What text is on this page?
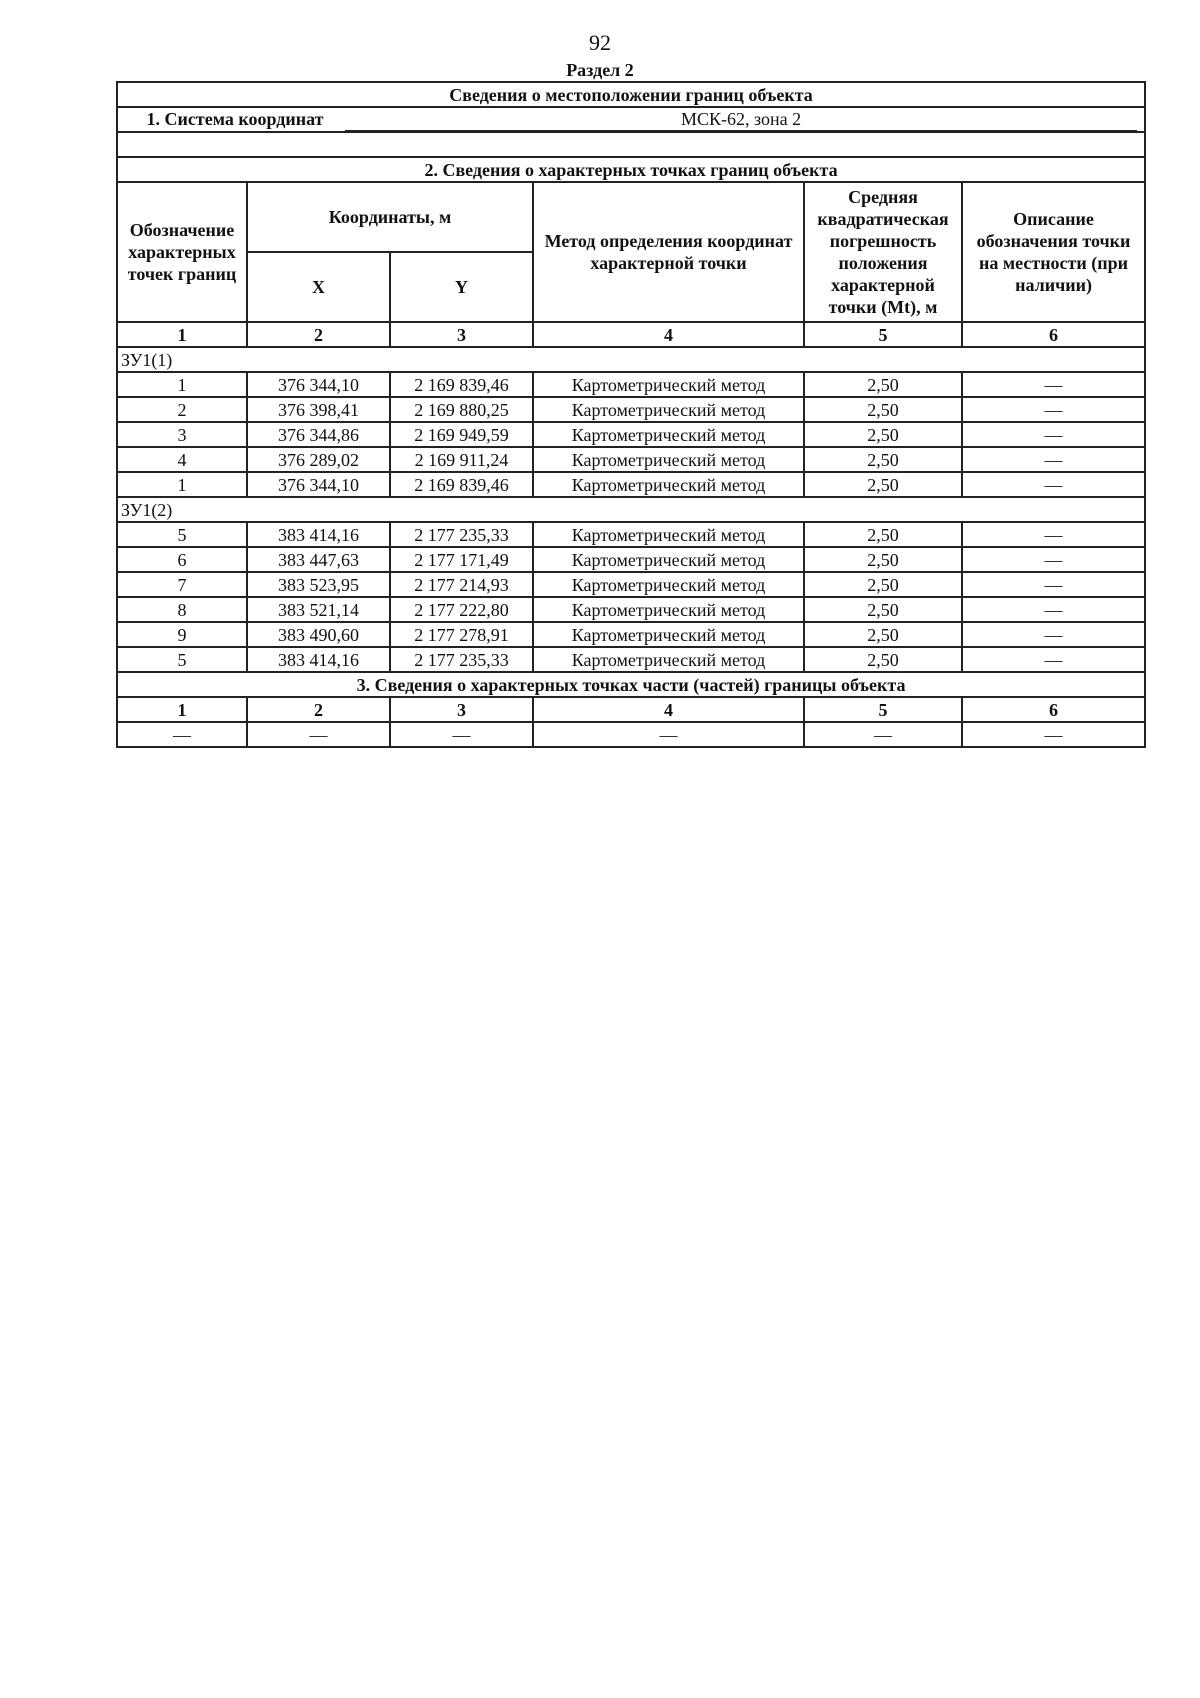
92
Раздел 2
Сведения о местоположении границ объекта					
1. Система координат МСК-62, зона 2					

2. Сведения о характерных точках границ объекта					
Обозначение характерных точек границ	Координаты, м		Метод определения координат характерной точки	Средняя квадратическая погрешность положения характерной точки (Mt), м	Описание обозначения точки на местности (при наличии)
	X	Y			
1	2	3	4	5	6
ЗУ1(1)					
1	376 344,10	2 169 839,46	Картометрический метод	2,50	—
2	376 398,41	2 169 880,25	Картометрический метод	2,50	—
3	376 344,86	2 169 949,59	Картометрический метод	2,50	—
4	376 289,02	2 169 911,24	Картометрический метод	2,50	—
1	376 344,10	2 169 839,46	Картометрический метод	2,50	—
ЗУ1(2)					
5	383 414,16	2 177 235,33	Картометрический метод	2,50	—
6	383 447,63	2 177 171,49	Картометрический метод	2,50	—
7	383 523,95	2 177 214,93	Картометрический метод	2,50	—
8	383 521,14	2 177 222,80	Картометрический метод	2,50	—
9	383 490,60	2 177 278,91	Картометрический метод	2,50	—
5	383 414,16	2 177 235,33	Картометрический метод	2,50	—
3. Сведения о характерных точках части (частей) границы объекта					
1	2	3	4	5	6
—	—	—	—	—	—
